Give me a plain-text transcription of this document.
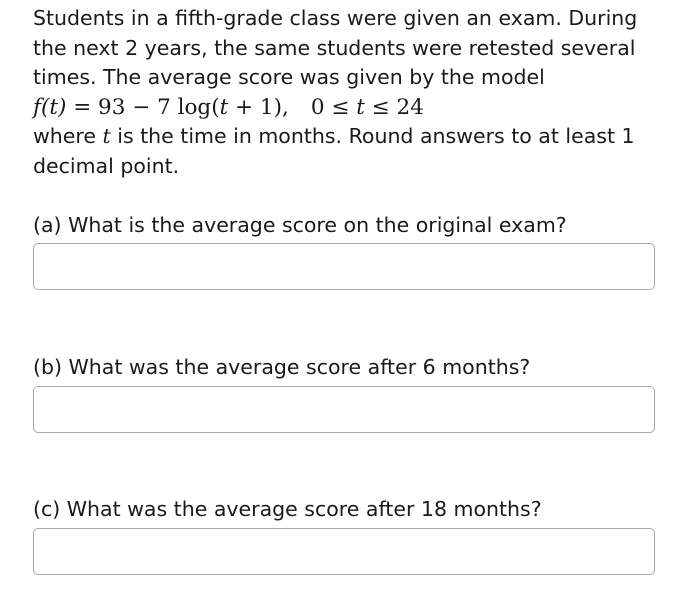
Students in a fifth-grade class were given an exam. During

the next 2 years, the same students were retested several

times. The average score was given by the model

f(t) = 93 − 7 log(t + 1), 0 ≤ t ≤ 24

where t is the time in months. Round answers to at least 1

decimal point.

(a) What is the average score on the original exam?

(b) What was the average score after 6 months?

(c) What was the average score after 18 months?
